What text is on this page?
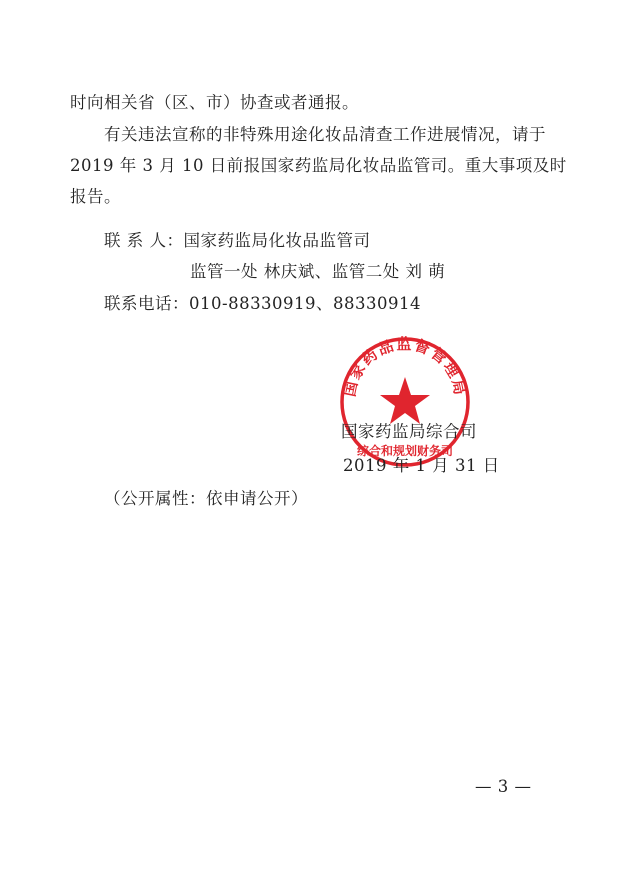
时向相关省（区、市）协查或者通报。
有关违法宣称的非特殊用途化妆品清查工作进展情况，请于
2019 年 3 月 10 日前报国家药监局化妆品监管司。重大事项及时
报告。
联 系 人：国家药监局化妆品监管司
监管一处 林庆斌、监管二处 刘 萌
联系电话：010-88330919、88330914
国家药品监督管理局
综合和规划财务司
国家药监局综合司
2019 年 1 月 31 日
（公开属性：依申请公开）
— 3 —
